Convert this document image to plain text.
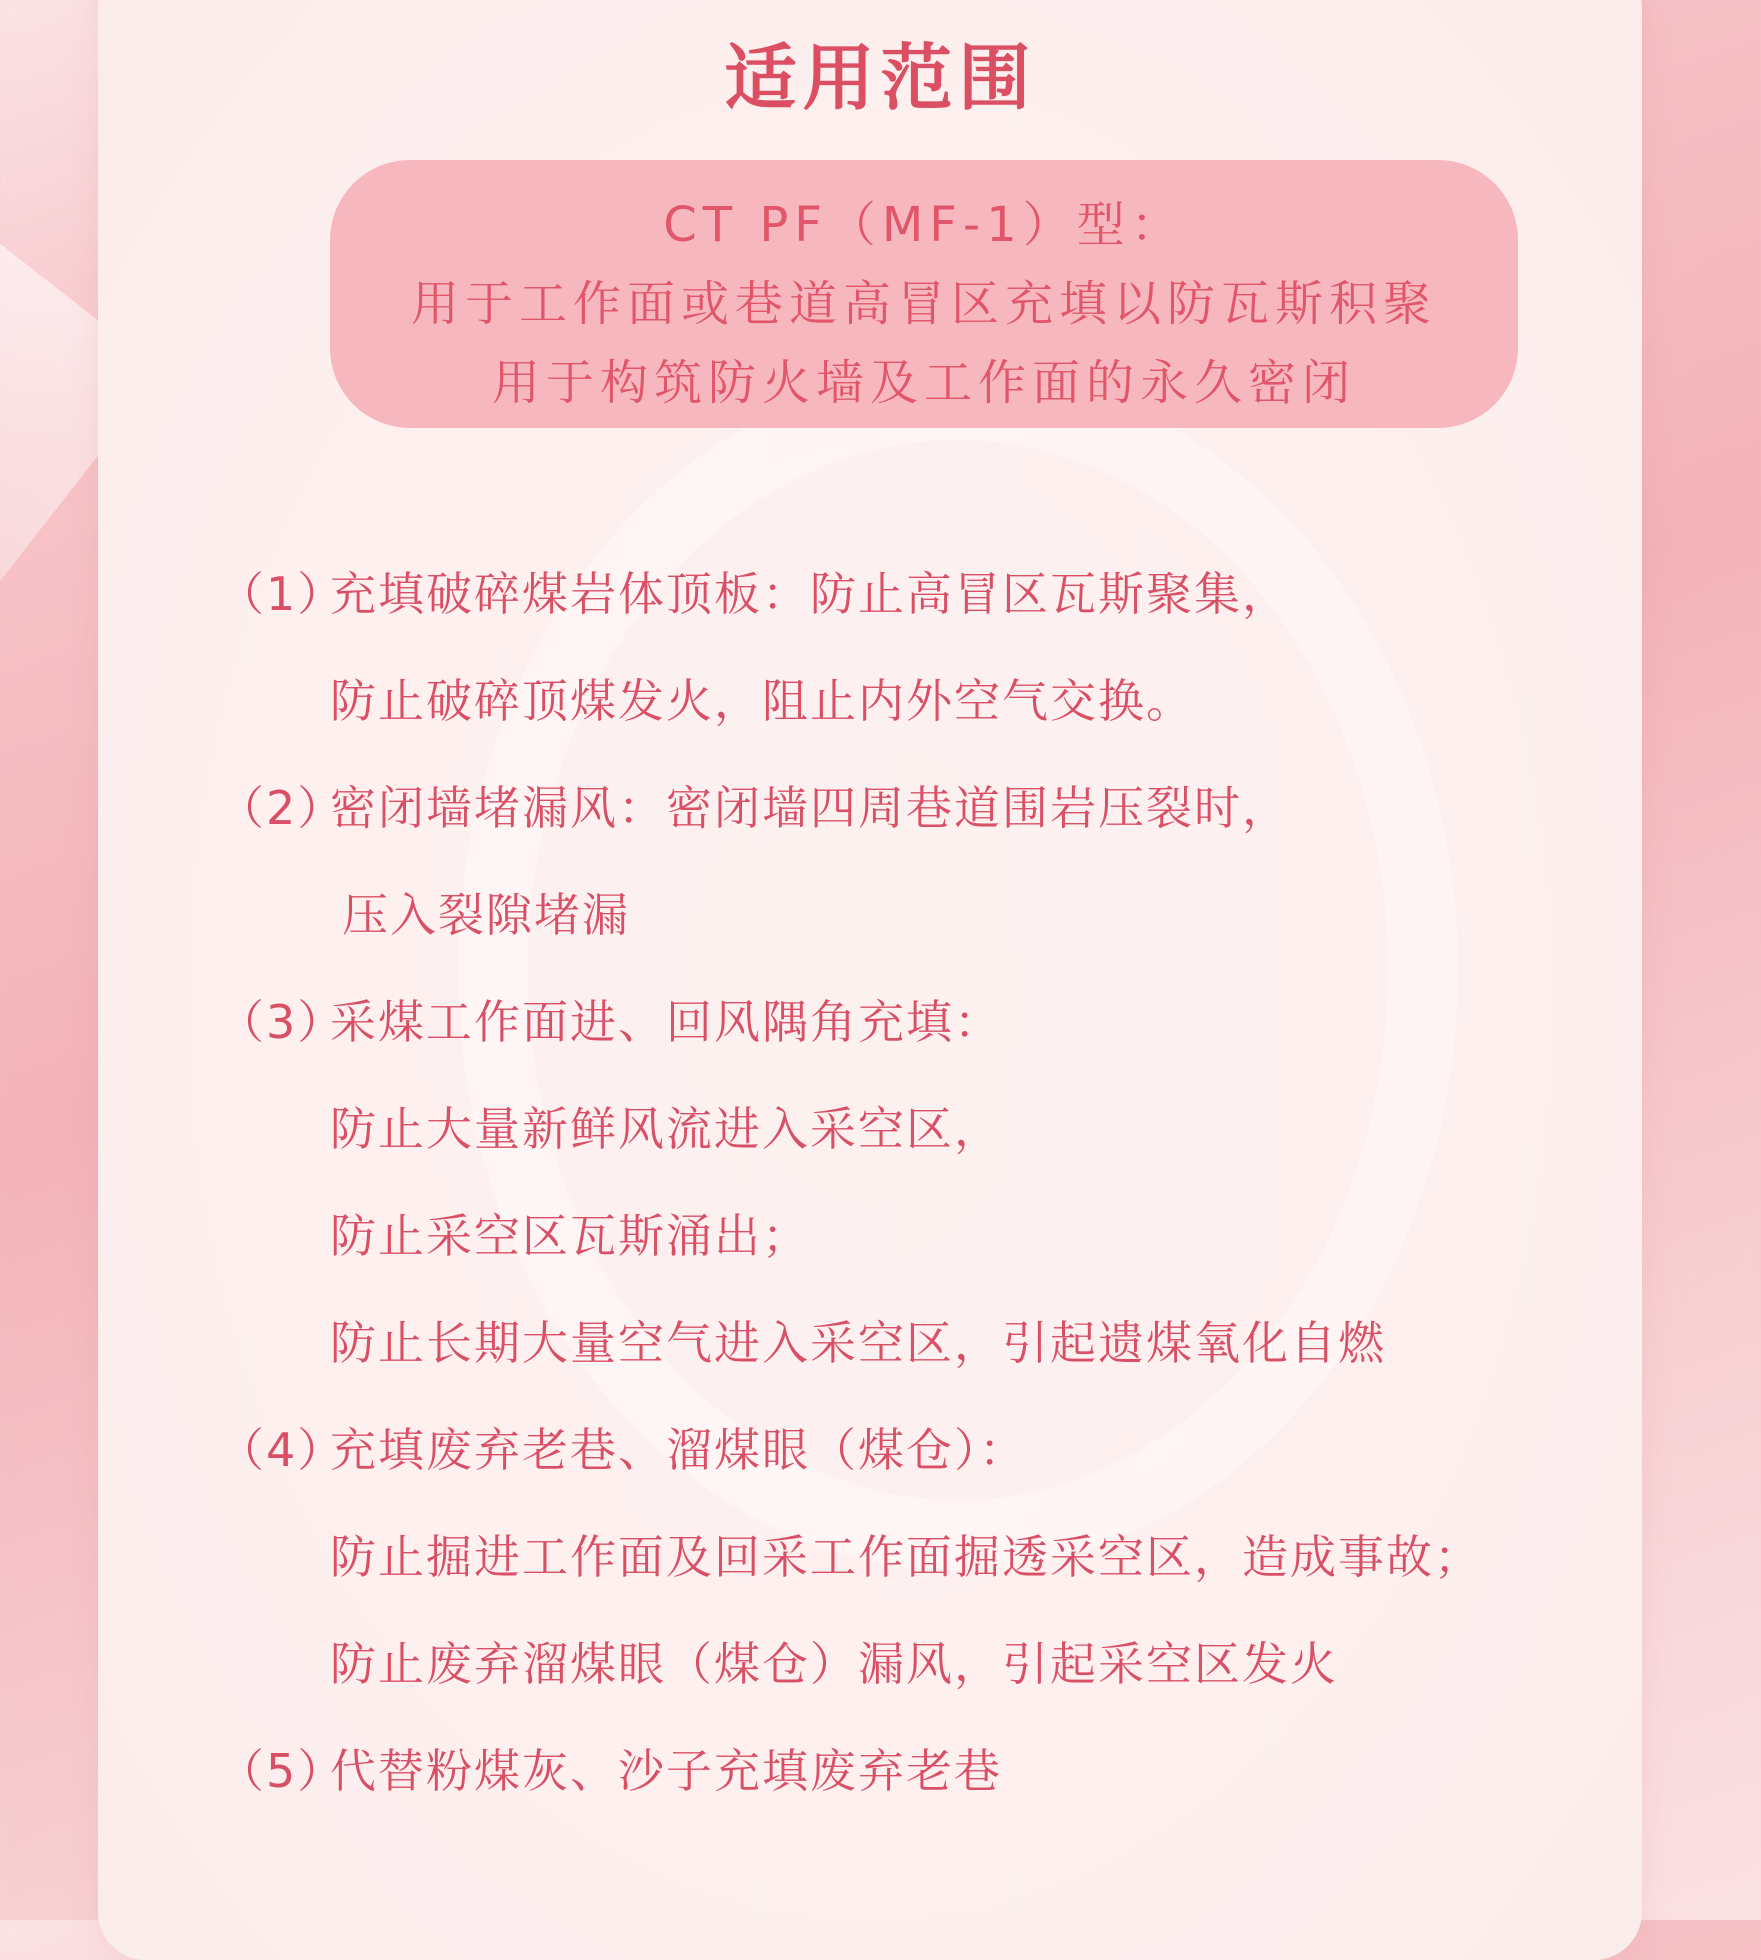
适用范围
CT PF（MF-1）型：
用于工作面或巷道高冒区充填以防瓦斯积聚
用于构筑防火墙及工作面的永久密闭
（1）充填破碎煤岩体顶板：防止高冒区瓦斯聚集，
防止破碎顶煤发火，阻止内外空气交换。
（2）密闭墙堵漏风：密闭墙四周巷道围岩压裂时，
压入裂隙堵漏
（3）采煤工作面进、回风隅角充填：
防止大量新鲜风流进入采空区，
防止采空区瓦斯涌出；
防止长期大量空气进入采空区，引起遗煤氧化自燃
（4）充填废弃老巷、溜煤眼（煤仓）：
防止掘进工作面及回采工作面掘透采空区，造成事故；
防止废弃溜煤眼（煤仓）漏风，引起采空区发火
（5）代替粉煤灰、沙子充填废弃老巷
